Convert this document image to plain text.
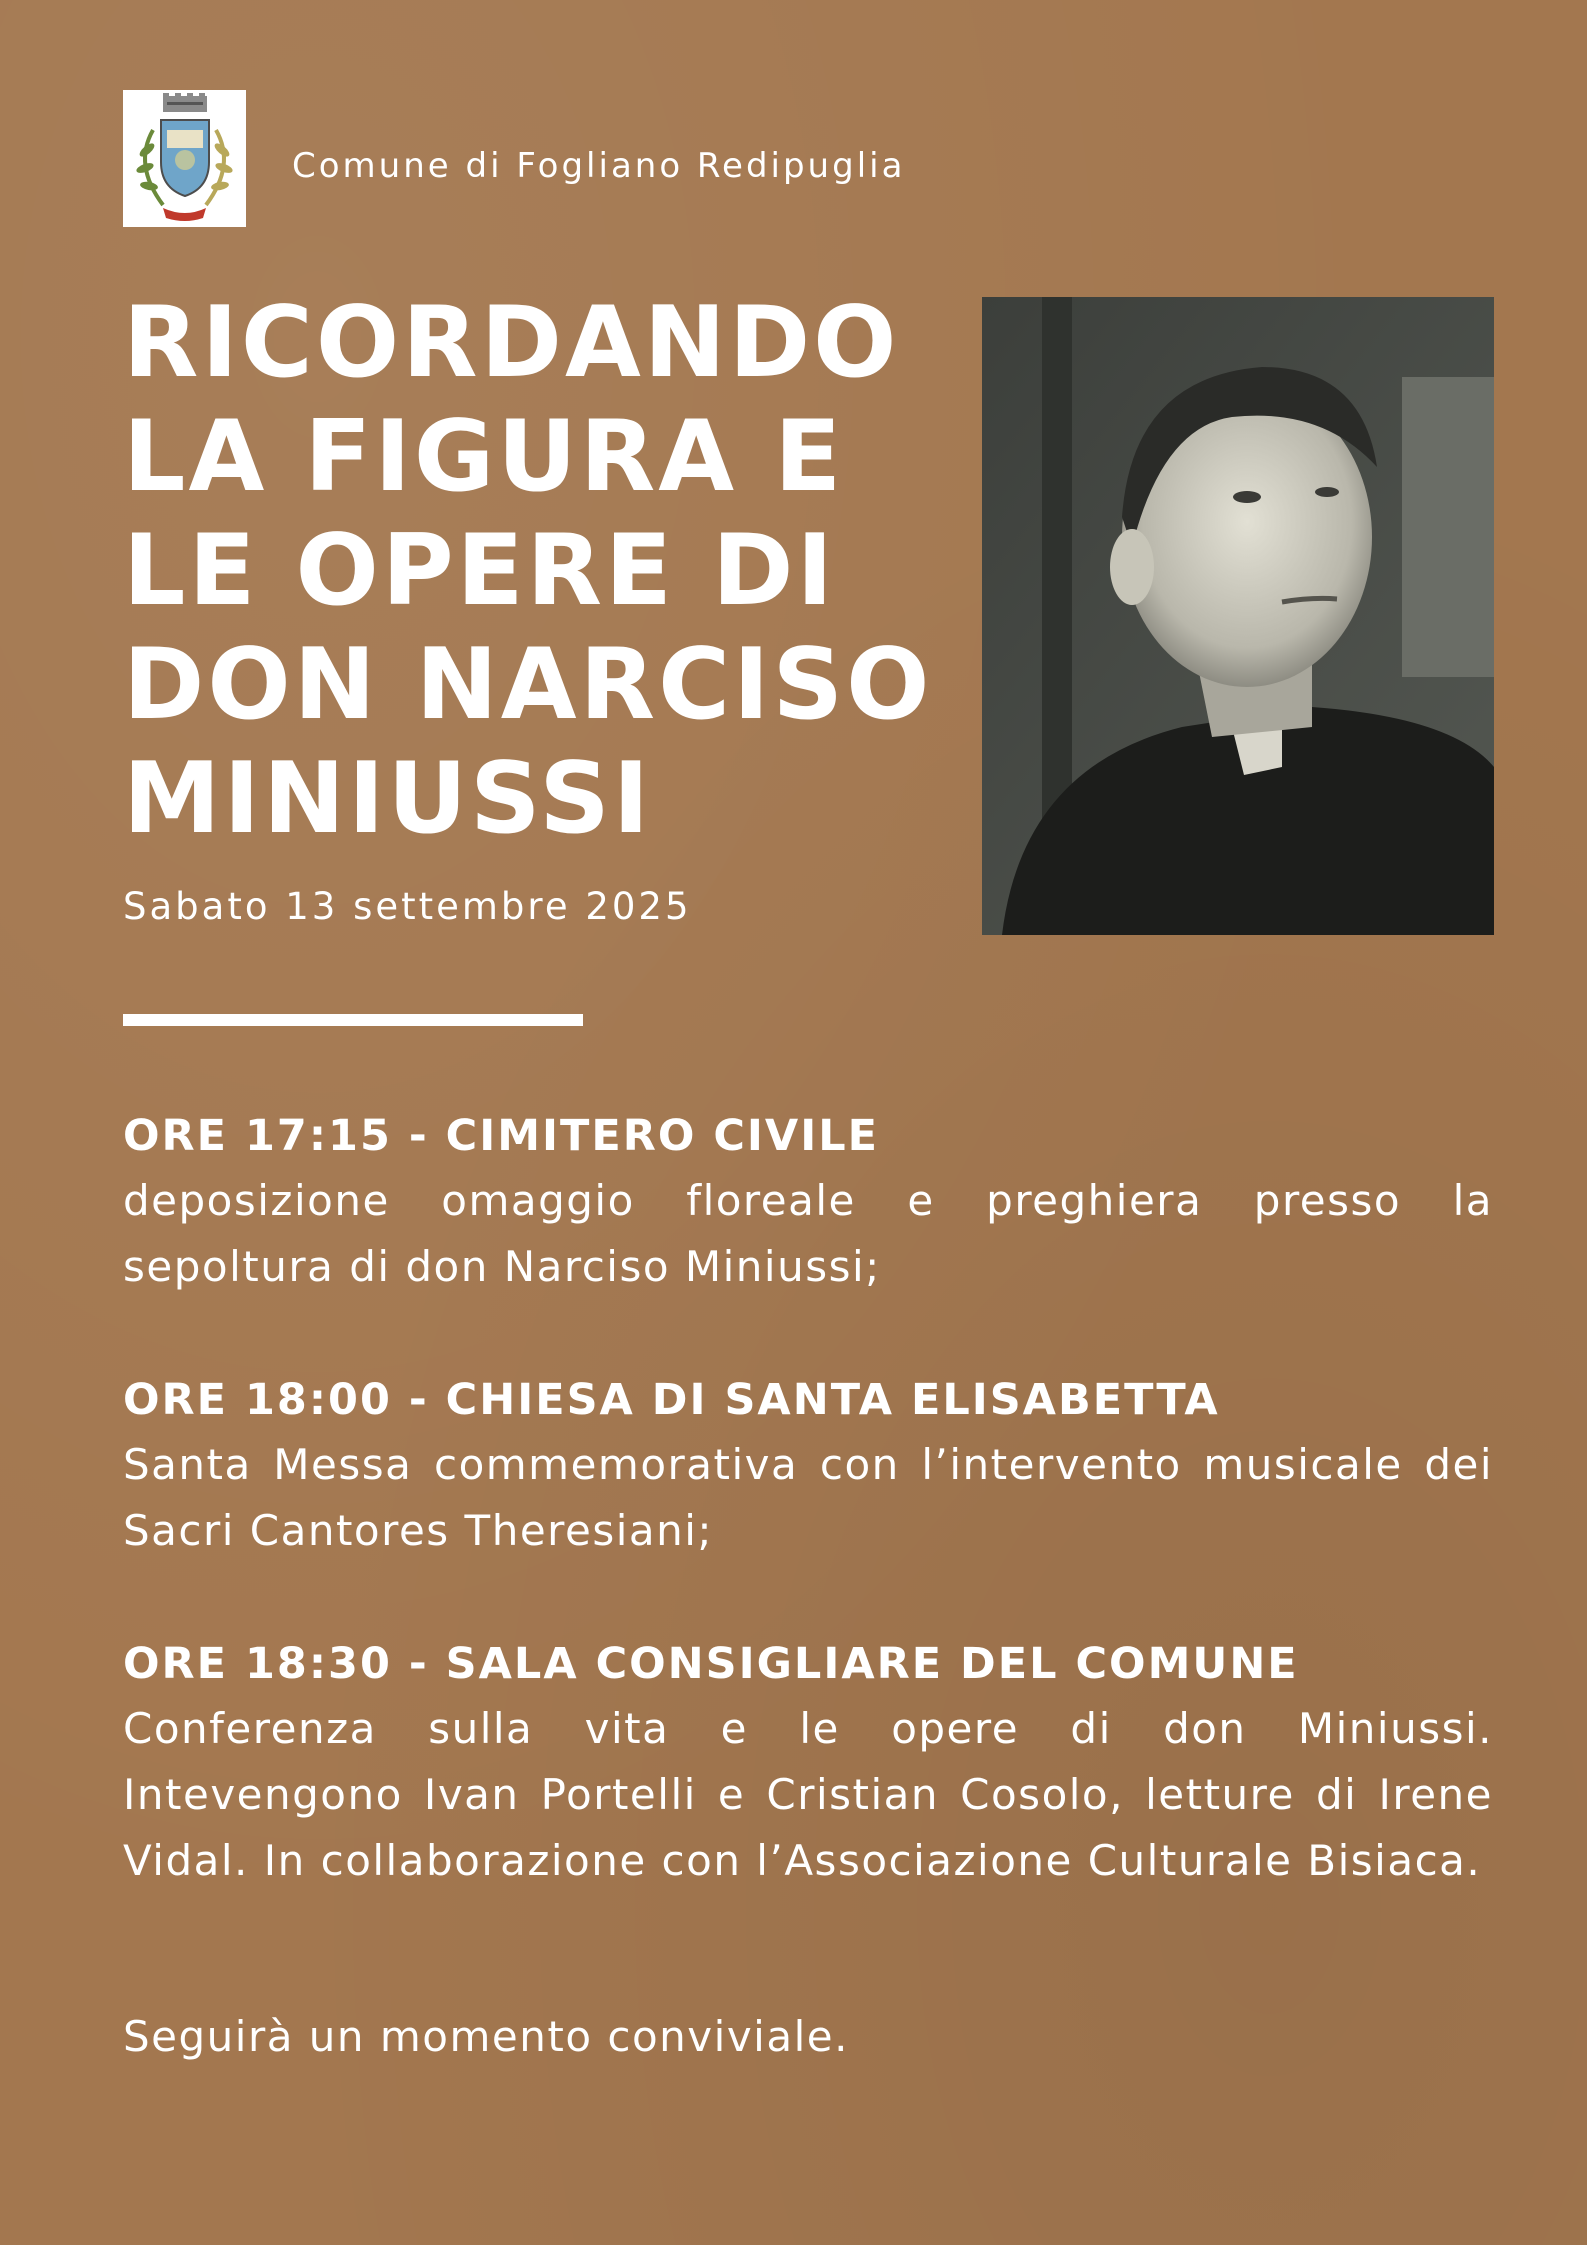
Comune di Fogliano Redipuglia
RICORDANDO
LA FIGURA E
LE OPERE DI
DON NARCISO
MINIUSSI
Sabato 13 settembre 2025
ORE 17:15 - CIMITERO CIVILE

deposizione omaggio floreale e preghiera presso la sepoltura di don Narciso Miniussi;

ORE 18:00 - CHIESA DI SANTA ELISABETTA

Santa Messa commemorativa con l’intervento musicale dei Sacri Cantores Theresiani;

ORE 18:30 - SALA CONSIGLIARE DEL COMUNE

Conferenza sulla vita e le opere di don Miniussi. Intevengono Ivan Portelli e Cristian Cosolo, letture di Irene Vidal. In collaborazione con l’Associazione Culturale Bisiaca.

Seguirà un momento conviviale.
